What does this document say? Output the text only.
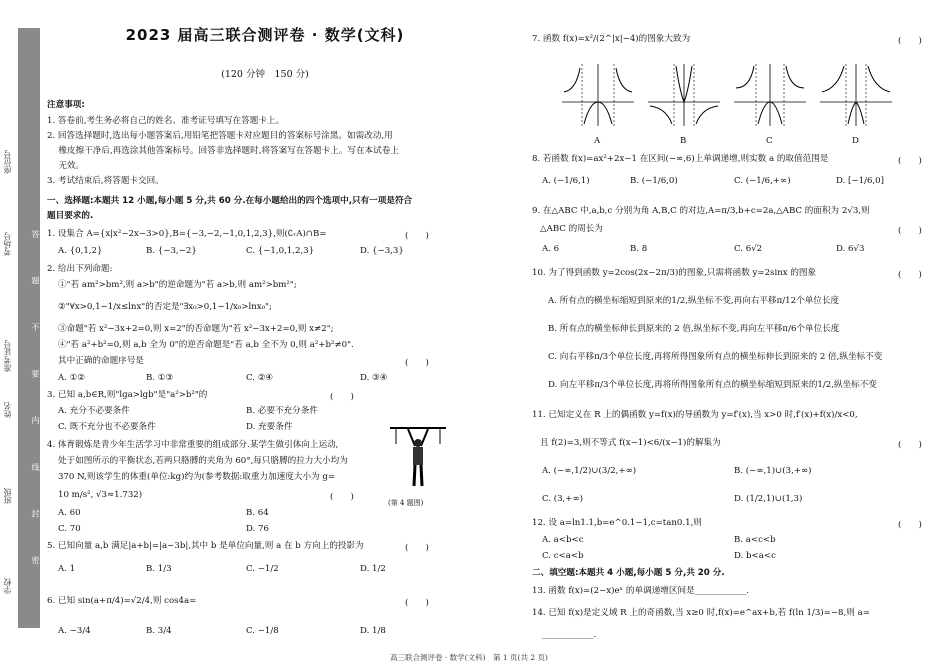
座位号
考场号
准考证号
姓名
班级
学校
答 题 不 要 内 线 封 密
2023 届高三联合测评卷 · 数学(文科)
(120 分钟　150 分)
注意事项:
1. 答卷前,考生务必将自己的姓名、准考证号填写在答题卡上。
2. 回答选择题时,选出每小题答案后,用铅笔把答题卡对应题目的答案标号涂黑。如需改动,用
　 橡皮擦干净后,再选涂其他答案标号。回答非选择题时,将答案写在答题卡上。写在本试卷上
　 无效。
3. 考试结束后,将答题卡交回。
一、选择题:本题共 12 小题,每小题 5 分,共 60 分.在每小题给出的四个选项中,只有一项是符合
题目要求的.
1. 设集合 A={x|x²−2x−3>0},B={−3,−2,−1,0,1,2,3},则(∁ᵣA)∩B=	(　　)
A. {0,1,2}	B. {−3,−2}	C. {−1,0,1,2,3}	D. {−3,3}
2. 给出下列命题:
①"若 am²>bm²,则 a>b"的逆命题为"若 a>b,则 am²>bm²";
②"∀x>0,1−1/x≤lnx"的否定是"∃x₀>0,1−1/x₀>lnx₀";
③命题"若 x²−3x+2=0,则 x=2"的否命题为"若 x²−3x+2=0,则 x≠2";
④"若 a²+b²=0,则 a,b 全为 0"的逆否命题是"若 a,b 全不为 0,则 a²+b²≠0".
其中正确的命题序号是	(　　)
A. ①②	B. ①③	C. ②④	D. ③④
3. 已知 a,b∈R,则"lga>lgb"是"a²>b²"的	(　　)
A. 充分不必要条件	B. 必要不充分条件
C. 既不充分也不必要条件	D. 充要条件
4. 体育锻炼是青少年生活学习中非常重要的组成部分.某学生做引体向上运动,
处于如图所示的平衡状态,若两只胳膊的夹角为 60°,每只胳膊的拉力大小均为
370 N,则该学生的体重(单位:kg)约为(参考数据:取重力加速度大小为 g=
10 m/s², √3≈1.732)	(　　)
A. 60	B. 64
C. 70	D. 76
(第 4 题图)
5. 已知向量 a,b 满足|a+b|=|a−3b|,其中 b 是单位向量,则 a 在 b 方向上的投影为	(　　)
A. 1	B. 1/3	C. −1/2	D. 1/2
6. 已知 sin(a+π/4)=√2/4,则 cos4a=	(　　)
A. −3/4	B. 3/4	C. −1/8	D. 1/8
7. 函数 f(x)=x²/(2^|x|−4)的图象大致为	(　　)
A	B	C	D
8. 若函数 f(x)=ax²+2x−1 在区间(−∞,6)上单调递增,则实数 a 的取值范围是	(　　)
A. (−1/6,1)	B. (−1/6,0)	C. (−1/6,+∞)	D. [−1/6,0]
9. 在△ABC 中,a,b,c 分别为角 A,B,C 的对边,A=π/3,b+c=2a,△ABC 的面积为 2√3,则
△ABC 的周长为	(　　)
A. 6	B. 8	C. 6√2	D. 6√3
10. 为了得到函数 y=2cos(2x−2π/3)的图象,只需将函数 y=2sinx 的图象	(　　)
A. 所有点的横坐标缩短到原来的1/2,纵坐标不变,再向右平移π/12个单位长度
B. 所有点的横坐标伸长到原来的 2 倍,纵坐标不变,再向左平移π/6个单位长度
C. 向右平移π/3个单位长度,再将所得图象所有点的横坐标伸长到原来的 2 倍,纵坐标不变
D. 向左平移π/3个单位长度,再将所得图象所有点的横坐标缩短到原来的1/2,纵坐标不变
11. 已知定义在 R 上的偶函数 y=f(x)的导函数为 y=f′(x),当 x>0 时,f′(x)+f(x)/x<0,
且 f(2)=3,则不等式 f(x−1)<6/(x−1)的解集为	(　　)
A. (−∞,1/2)∪(3/2,+∞)	B. (−∞,1)∪(3,+∞)
C. (3,+∞)	D. (1/2,1)∪(1,3)
12. 设 a=ln1.1,b=e^0.1−1,c=tan0.1,则	(　　)
A. a<b<c	B. a<c<b
C. c<a<b	D. b<a<c
二、填空题:本题共 4 小题,每小题 5 分,共 20 分.
13. 函数 f(x)=(2−x)eˣ 的单调递增区间是____________.
14. 已知 f(x)是定义域 R 上的奇函数,当 x≥0 时,f(x)=e^ax+b,若 f(ln 1/3)=−8,则 a=
____________.
高三联合测评卷 · 数学(文科)　第 1 页(共 2 页)
